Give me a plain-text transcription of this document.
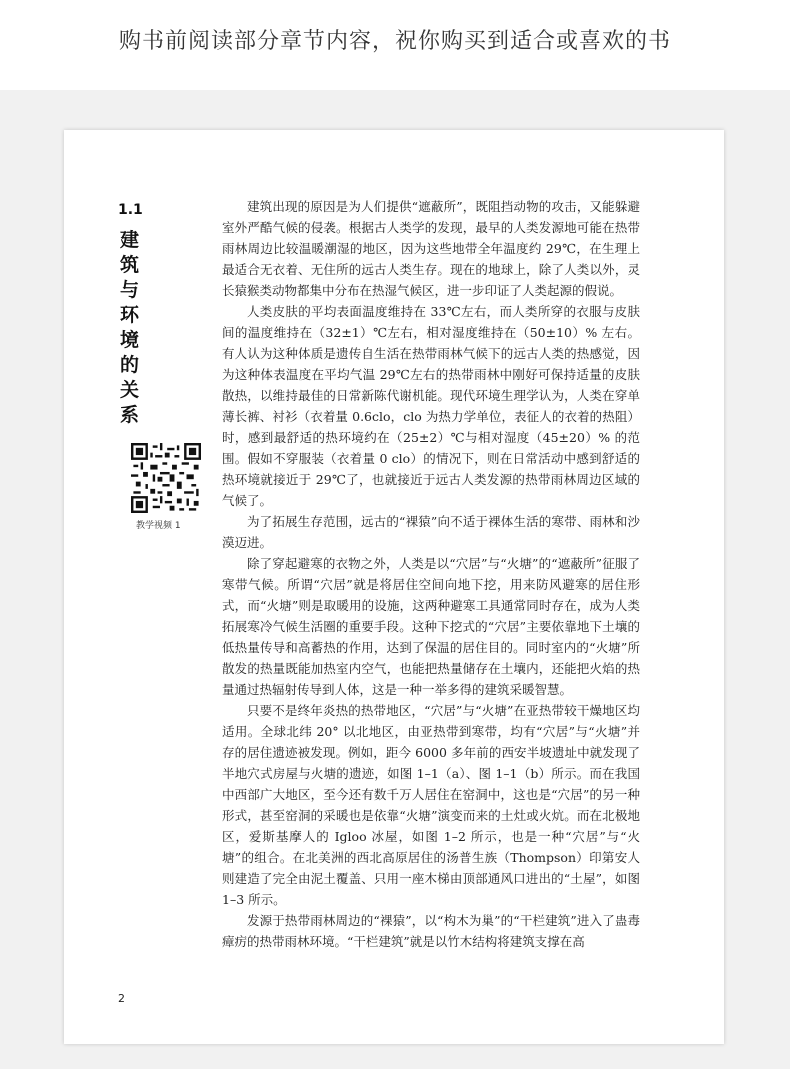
购书前阅读部分章节内容，祝你购买到适合或喜欢的书
1.1
建筑与环境的关系
教学视频 1

建筑出现的原因是为人们提供“遮蔽所”，既阻挡动物的攻击，又能躲避室外严酷气候的侵袭。根据古人类学的发现，最早的人类发源地可能在热带雨林周边比较温暖潮湿的地区，因为这些地带全年温度约 29℃，在生理上最适合无衣着、无住所的远古人类生存。现在的地球上，除了人类以外，灵长猿猴类动物都集中分布在热湿气候区，进一步印证了人类起源的假说。

人类皮肤的平均表面温度维持在 33℃左右，而人类所穿的衣服与皮肤间的温度维持在（32±1）℃左右，相对湿度维持在（50±10）% 左右。有人认为这种体质是遗传自生活在热带雨林气候下的远古人类的热感觉，因为这种体表温度在平均气温 29℃左右的热带雨林中刚好可保持适量的皮肤散热，以维持最佳的日常新陈代谢机能。现代环境生理学认为，人类在穿单薄长裤、衬衫（衣着量 0.6clo，clo 为热力学单位，表征人的衣着的热阻）时，感到最舒适的热环境约在（25±2）℃与相对湿度（45±20）% 的范围。假如不穿服装（衣着量 0 clo）的情况下，则在日常活动中感到舒适的热环境就接近于 29℃了，也就接近于远古人类发源的热带雨林周边区域的气候了。

为了拓展生存范围，远古的“裸猿”向不适于裸体生活的寒带、雨林和沙漠迈进。

除了穿起避寒的衣物之外，人类是以“穴居”与“火塘”的“遮蔽所”征服了寒带气候。所谓“穴居”就是将居住空间向地下挖，用来防风避寒的居住形式，而“火塘”则是取暖用的设施，这两种避寒工具通常同时存在，成为人类拓展寒冷气候生活圈的重要手段。这种下挖式的“穴居”主要依靠地下土壤的低热量传导和高蓄热的作用，达到了保温的居住目的。同时室内的“火塘”所散发的热量既能加热室内空气，也能把热量储存在土壤内，还能把火焰的热量通过热辐射传导到人体，这是一种一举多得的建筑采暖智慧。

只要不是终年炎热的热带地区，“穴居”与“火塘”在亚热带较干燥地区均适用。全球北纬 20° 以北地区，由亚热带到寒带，均有“穴居”与“火塘”并存的居住遗迹被发现。例如，距今 6000 多年前的西安半坡遗址中就发现了半地穴式房屋与火塘的遗迹，如图 1–1（a）、图 1–1（b）所示。而在我国中西部广大地区，至今还有数千万人居住在窑洞中，这也是“穴居”的另一种形式，甚至窑洞的采暖也是依靠“火塘”演变而来的土灶或火炕。而在北极地区，爱斯基摩人的 Igloo 冰屋，如图 1–2 所示，也是一种“穴居”与“火塘”的组合。在北美洲的西北高原居住的汤普生族（Thompson）印第安人则建造了完全由泥土覆盖、只用一座木梯由顶部通风口进出的“土屋”，如图 1–3 所示。

发源于热带雨林周边的“裸猿”，以“构木为巢”的“干栏建筑”进入了蛊毒瘴疠的热带雨林环境。“干栏建筑”就是以竹木结构将建筑支撑在高

2
